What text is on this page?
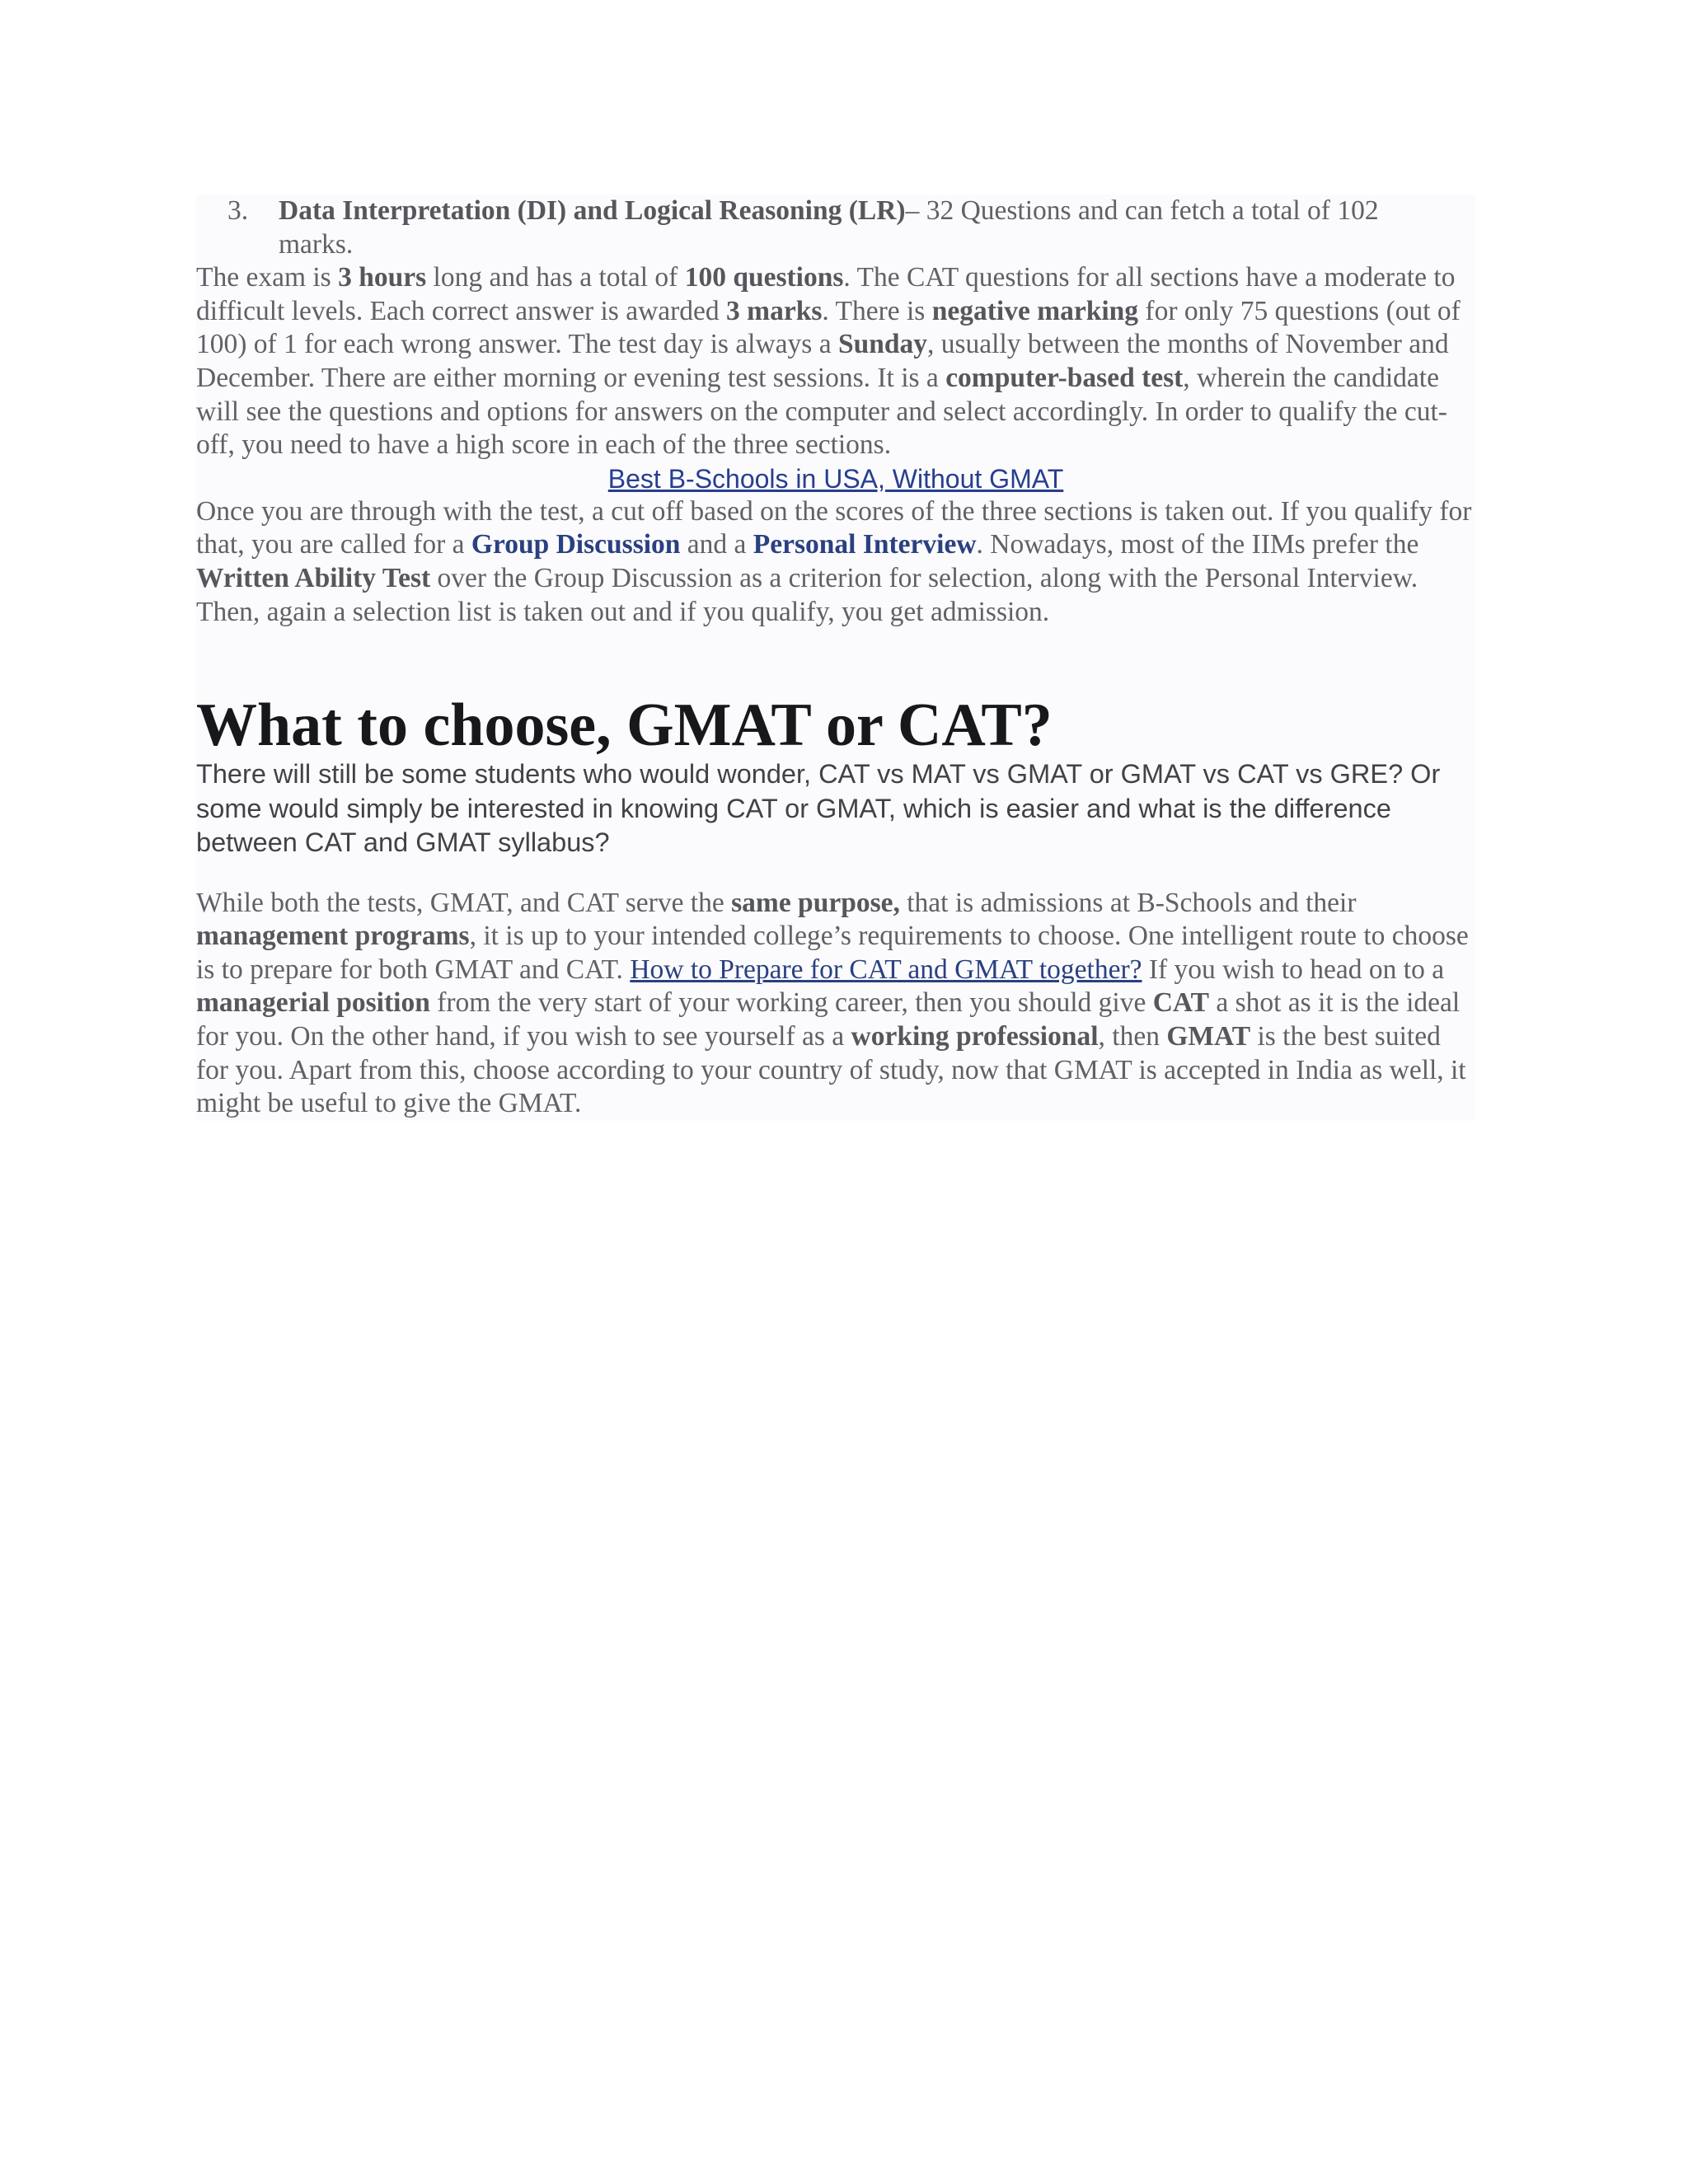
3. Data Interpretation (DI) and Logical Reasoning (LR)– 32 Questions and can fetch a total of 102 marks.

The exam is 3 hours long and has a total of 100 questions. The CAT questions for all sections have a moderate to difficult levels. Each correct answer is awarded 3 marks. There is negative marking for only 75 questions (out of 100) of 1 for each wrong answer. The test day is always a Sunday, usually between the months of November and December. There are either morning or evening test sessions. It is a computer-based test, wherein the candidate will see the questions and options for answers on the computer and select accordingly. In order to qualify the cut-off, you need to have a high score in each of the three sections.

Best B-Schools in USA, Without GMAT

Once you are through with the test, a cut off based on the scores of the three sections is taken out. If you qualify for that, you are called for a Group Discussion and a Personal Interview. Nowadays, most of the IIMs prefer the Written Ability Test over the Group Discussion as a criterion for selection, along with the Personal Interview. Then, again a selection list is taken out and if you qualify, you get admission.

What to choose, GMAT or CAT?

There will still be some students who would wonder, CAT vs MAT vs GMAT or GMAT vs CAT vs GRE? Or some would simply be interested in knowing CAT or GMAT, which is easier and what is the difference between CAT and GMAT syllabus?

While both the tests, GMAT, and CAT serve the same purpose, that is admissions at B-Schools and their management programs, it is up to your intended college’s requirements to choose. One intelligent route to choose is to prepare for both GMAT and CAT. How to Prepare for CAT and GMAT together? If you wish to head on to a managerial position from the very start of your working career, then you should give CAT a shot as it is the ideal for you. On the other hand, if you wish to see yourself as a working professional, then GMAT is the best suited for you. Apart from this, choose according to your country of study, now that GMAT is accepted in India as well, it might be useful to give the GMAT.
